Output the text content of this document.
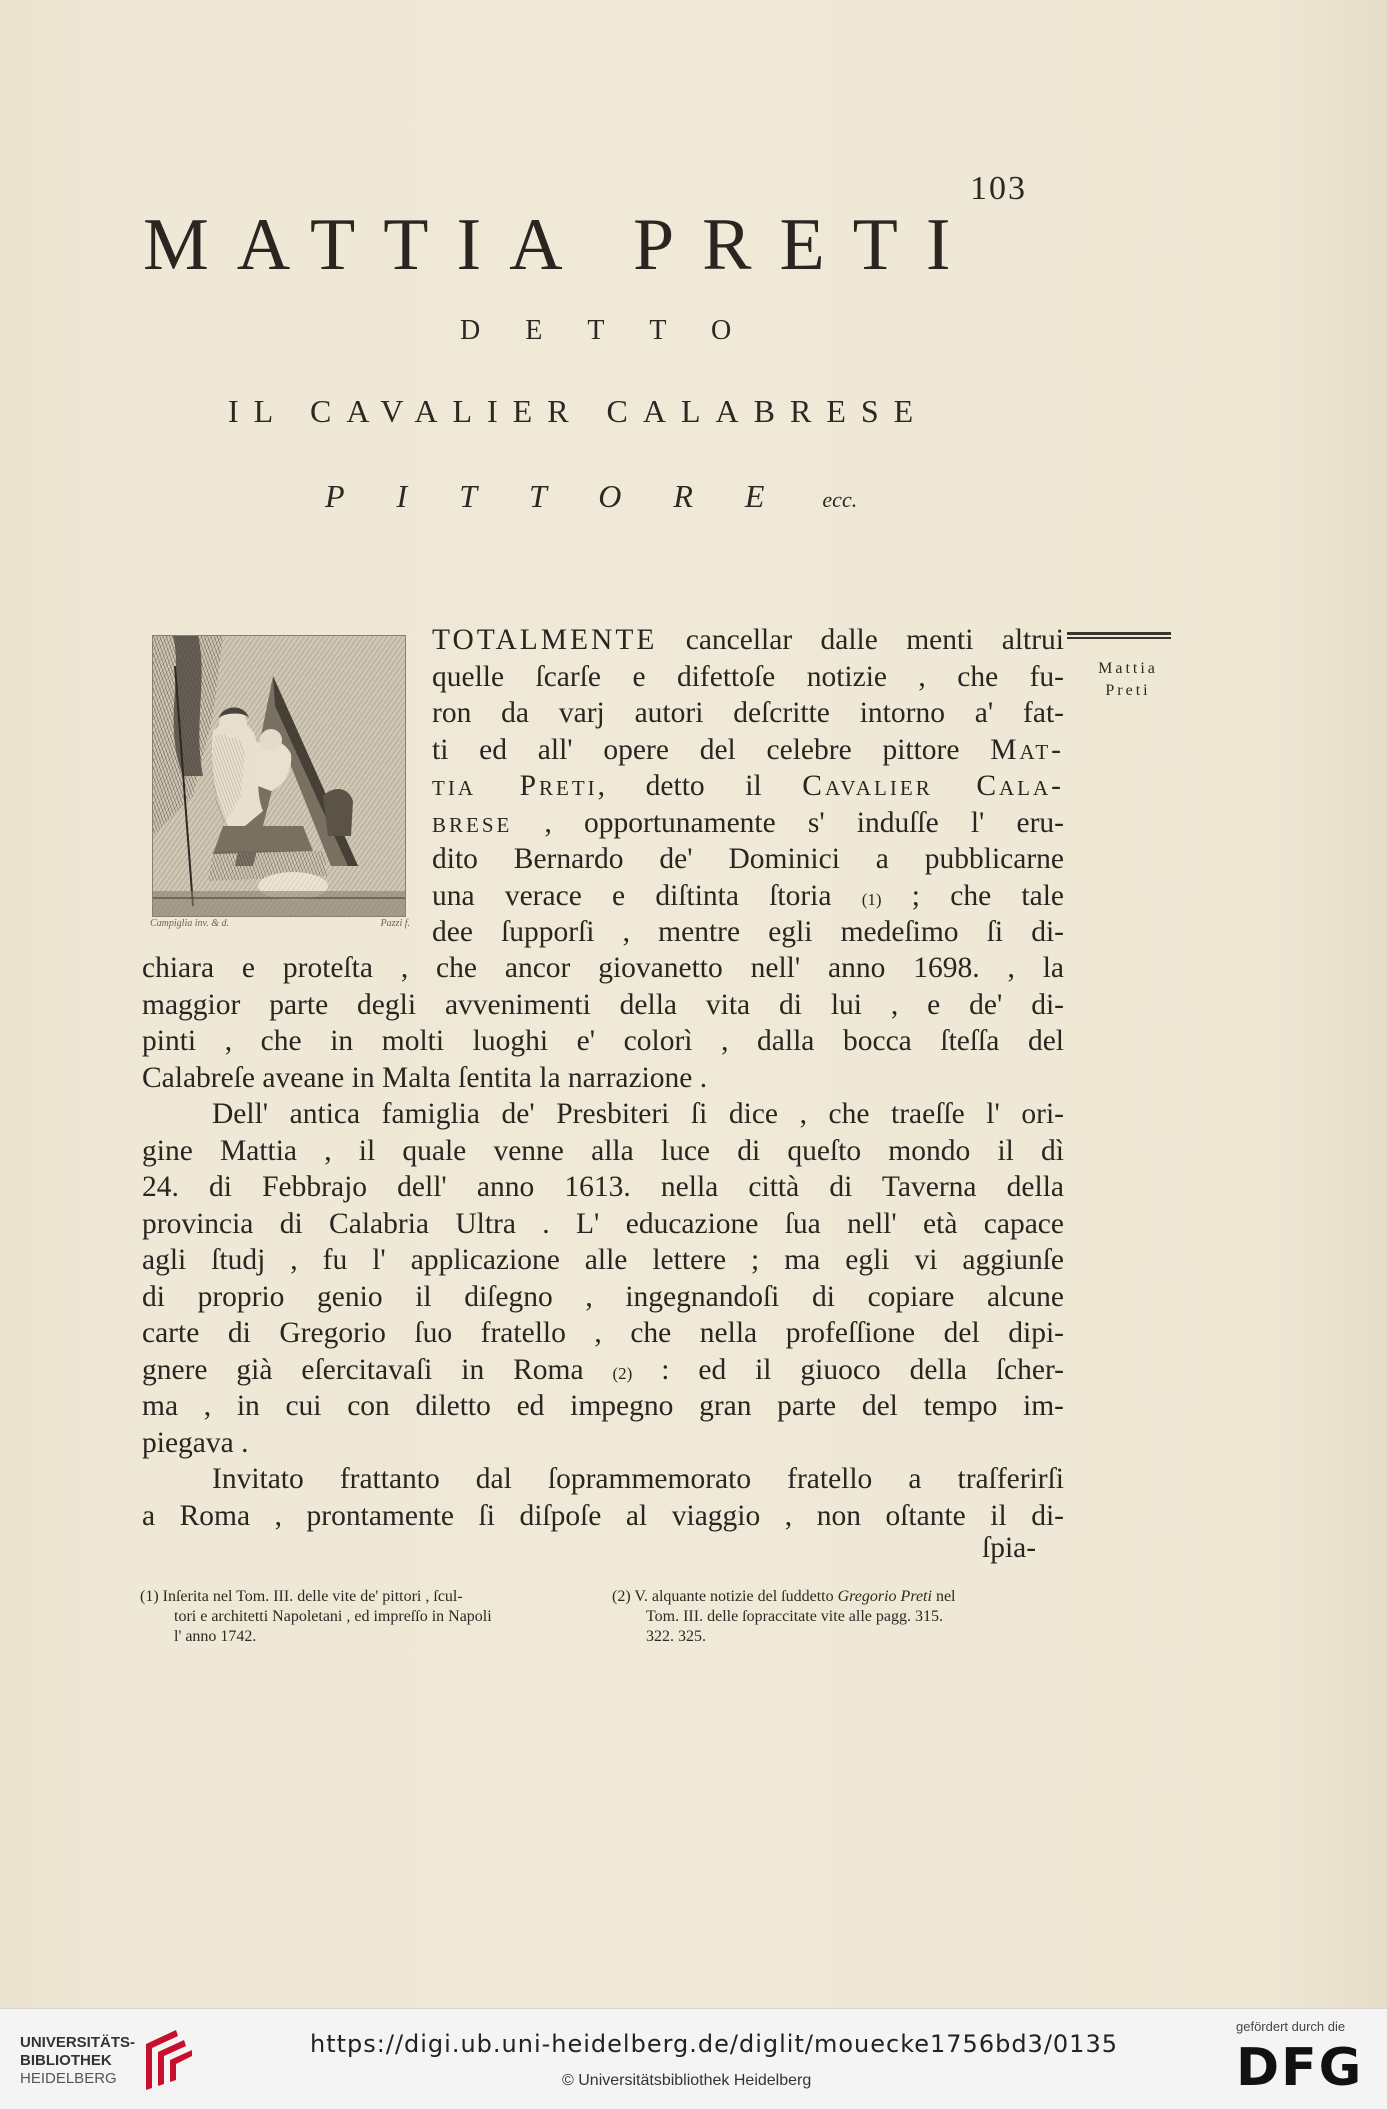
103
MATTIA PRETI
DETTO
IL CAVALIER CALABRESE
PITTORE ecc.
Campiglia inv. & d.	Pazzi f.
TOTALMENTE cancellar dalle menti altrui
quelle ſcarſe e difettoſe notizie , che fu-
ron da varj autori deſcritte intorno a' fat-
ti ed all' opere del celebre pittore Mat-
tia Preti, detto il Cavalier Cala-
brese , opportunamente s' induſſe l' eru-
dito Bernardo de' Dominici a pubblicarne
una verace e diſtinta ſtoria (1) ; che tale
dee ſupporſi , mentre egli medeſimo ſi di-
chiara e proteſta , che ancor giovanetto nell' anno 1698. , la
maggior parte degli avvenimenti della vita di lui , e de' di-
pinti , che in molti luoghi e' colorì , dalla bocca ſteſſa del
Calabreſe aveane in Malta ſentita la narrazione .
Dell' antica famiglia de' Presbiteri ſi dice , che traeſſe l' ori-
gine Mattia , il quale venne alla luce di queſto mondo il dì
24. di Febbrajo dell' anno 1613. nella città di Taverna della
provincia di Calabria Ultra . L' educazione ſua nell' età capace
agli ſtudj , fu l' applicazione alle lettere ; ma egli vi aggiunſe
di proprio genio il diſegno , ingegnandoſi di copiare alcune
carte di Gregorio ſuo fratello , che nella profeſſione del dipi-
gnere già eſercitavaſi in Roma (2) : ed il giuoco della ſcher-
ma , in cui con diletto ed impegno gran parte del tempo im-
piegava .
Invitato frattanto dal ſoprammemorato fratello a traſferirſi
a Roma , prontamente ſi diſpoſe al viaggio , non oſtante il di-
ſpia-
Mattia
Preti
(1) Inſerita nel Tom. III. delle vite de' pittori , ſcul-
tori e architetti Napoletani , ed impreſſo in Napoli
l' anno 1742.
(2) V. alquante notizie del ſuddetto Gregorio Preti nel
Tom. III. delle ſopraccitate vite alle pagg. 315.
322. 325.
UNIVERSITÄTS-
BIBLIOTHEK
HEIDELBERG
https://digi.ub.uni-heidelberg.de/diglit/mouecke1756bd3/0135
© Universitätsbibliothek Heidelberg
gefördert durch die
DFG
